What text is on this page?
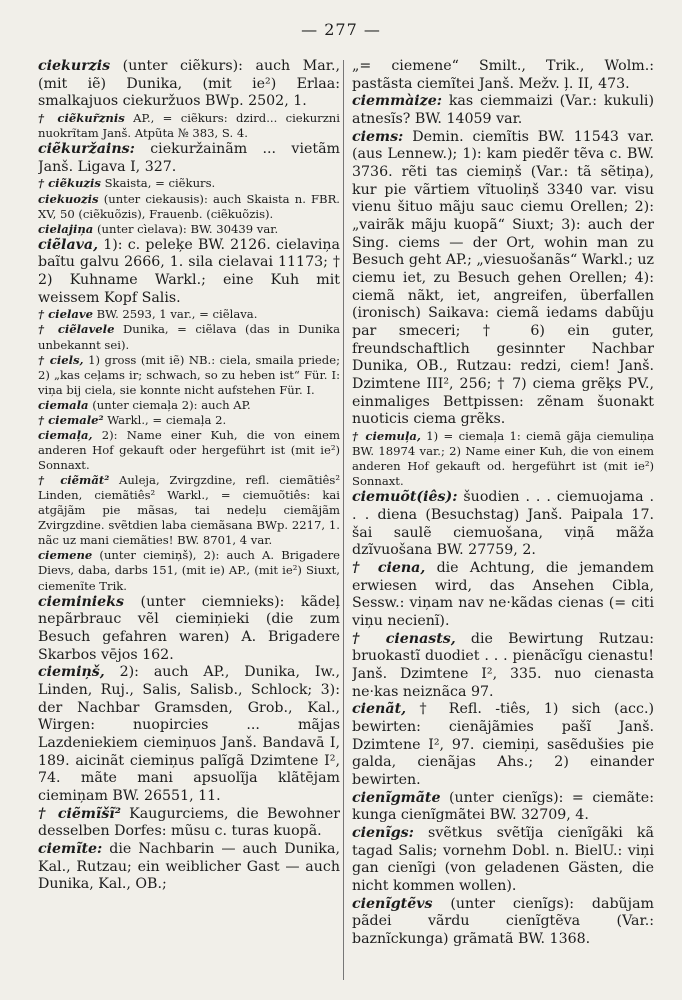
— 277 —

ciekurzis (unter ciẽkurs): auch Mar., (mit iẽ) Dunika, (mit ie²) Erlaa: smalkajuos ciekuržuos BWp. 2502, 1.

† ciẽkur̃znis AP., = ciẽkurs: dzird... ciekurzni nuokrĩtam Janš. Atpũta № 383, S. 4.

ciẽkuržains: ciekuržainãm ... vietãm Janš. Ligava I, 327.

† ciẽkuzis Skaista, = ciẽkurs.

ciekuozis (unter ciekausis): auch Skaista n. FBR. XV, 50 (ciẽkuõzis), Frauenb. (ciẽkuõzis).

cielajiņa (unter cìelava): BW. 30439 var.

ciẽlava, 1): c. peleķe BW. 2126. cielaviņa baĩtu galvu 2666, 1. sila cielavai 11173; † 2) Kuhname Warkl.; eine Kuh mit weissem Kopf Salis.

† cielave BW. 2593, 1 var., = ciẽlava.

† ciẽlavele Dunika, = ciẽlava (das in Dunika unbekannt sei).

† ciels, 1) gross (mit iẽ) NB.: ciela, smaila priede; 2) „kas ceļams ir; schwach, so zu heben ist“ Für. I: viņa bij ciela, sie konnte nicht aufstehen Für. I.

ciemala (unter ciemaļa 2): auch AP.

† ciemale² Warkl., = ciemaļa 2.

ciemaļa, 2): Name einer Kuh, die von einem anderen Hof gekauft oder hergeführt ist (mit ie²) Sonnaxt.

† ciẽmãt² Auleja, Zvirgzdine, refl. ciemãtiês² Linden, ciemãtiês² Warkl., = ciemuõtiês: kai atgãjãm pie mãsas, tai nedeļu ciemãjãm Zvirgzdine. svẽtdien laba ciemãsana BWp. 2217, 1. nãc uz mani ciemãties! BW. 8701, 4 var.

ciemene (unter ciemiņš), 2): auch A. Brigadere Dievs, daba, darbs 151, (mit ie) AP., (mit ie²) Siuxt, ciemenĩte Trik.

cieminieks (unter ciemnieks): kãdeļ nepãrbrauc vẽl ciemiņieki (die zum Besuch gefahren waren) A. Brigadere Skarbos vējos 162.

ciemiņš, 2): auch AP., Dunika, Iw., Linden, Ruj., Salis, Salisb., Schlock; 3): der Nachbar Gramsden, Grob., Kal., Wirgen: nuopircies ... mãjas Lazdeniekiem ciemiņuos Janš. Bandavā I, 189. aicinãt ciemiņus palĩgã Dzimtene I², 74. mãte mani apsuolĩja klãtējam ciemiņam BW. 26551, 11.

† ciẽmĩšĩ² Kaugurciems, die Bewohner desselben Dorfes: mũsu c. turas kuopã.

ciemĩte: die Nachbarin — auch Dunika, Kal., Rutzau; ein weiblicher Gast — auch Dunika, Kal., OB.;

„= ciemene“ Smilt., Trik., Wolm.: pastãsta ciemĩtei Janš. Mežv. ļ. II, 473.

ciemmàize: kas ciemmaizi (Var.: kukuli) atnesĩs? BW. 14059 var.

ciems: Demin. ciemĩtis BW. 11543 var. (aus Lennew.); 1): kam piedẽr tẽva c. BW. 3736. rẽti tas ciemiņš (Var.: tã sẽtiņa), kur pie vãrtiem vĩtuoliņš 3340 var. visu vienu šituo mãju sauc ciemu Orellen; 2): „vairãk mãju kuopã“ Siuxt; 3): auch der Sing. ciems — der Ort, wohin man zu Besuch geht AP.; „viesuošanãs“ Warkl.; uz ciemu iet, zu Besuch gehen Orellen; 4): ciemã nãkt, iet, angreifen, überfallen (ironisch) Saikava: ciemã iedams dabũju par smeceri; † 6) ein guter, freundschaftlich gesinnter Nachbar Dunika, OB., Rutzau: redzi, ciem! Janš. Dzimtene III², 256; † 7) ciema grẽķs PV., einmaliges Bettpissen: zẽnam šuonakt nuoticis ciema grẽks.

† ciemuļa, 1) = ciemaļa 1: ciemã gãja ciemuliņa BW. 18974 var.; 2) Name einer Kuh, die von einem anderen Hof gekauft od. hergeführt ist (mit ie²) Sonnaxt.

ciemuõt(iês): šuodien . . . ciemuojama . . . diena (Besuchstag) Janš. Paipala 17. šai saulẽ ciemuošana, viņã mãža dzĩvuošana BW. 27759, 2.

† ciena, die Achtung, die jemandem erwiesen wird, das Ansehen Cibla, Sessw.: viņam nav ne·kãdas cienas (= citi viņu necienĩ).

† cienasts, die Bewirtung Rutzau: bruokastĩ duodiet . . . pienãcĩgu cienastu! Janš. Dzimtene I², 335. nuo cienasta ne·kas neiznãca 97.

cienãt, † Refl. -tiês, 1) sich (acc.) bewirten: cienãjãmies pašĩ Janš. Dzimtene I², 97. ciemiņi, sasẽdušies pie galda, cienãjas Ahs.; 2) einander bewirten.

cienĩgmãte (unter cienĩgs): = ciemãte: kunga cienĩgmãtei BW. 32709, 4.

cienĩgs: svẽtkus svẽtĩja cienĩgãki kã tagad Salis; vornehm Dobl. n. BielU.: viņi gan cienĩgi (von geladenen Gästen, die nicht kommen wollen).

cienĩgtẽvs (unter cienĩgs): dabũjam pãdei vãrdu cienĩgtẽva (Var.: baznĩckunga) grãmatã BW. 1368.
